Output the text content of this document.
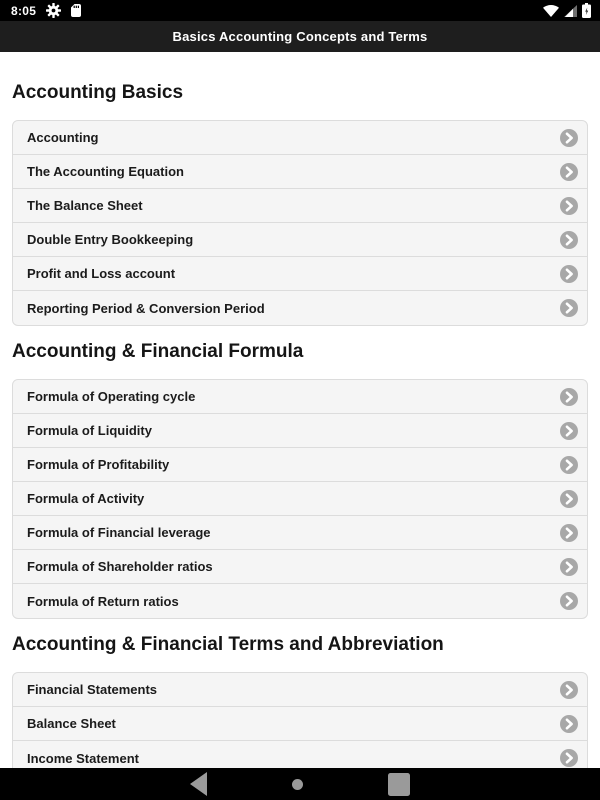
8:05
Basics Accounting Concepts and Terms
Accounting Basics
Accounting
The Accounting Equation
The Balance Sheet
Double Entry Bookkeeping
Profit and Loss account
Reporting Period & Conversion Period
Accounting & Financial Formula
Formula of Operating cycle
Formula of Liquidity
Formula of Profitability
Formula of Activity
Formula of Financial leverage
Formula of Shareholder ratios
Formula of Return ratios
Accounting & Financial Terms and Abbreviation
Financial Statements
Balance Sheet
Income Statement
